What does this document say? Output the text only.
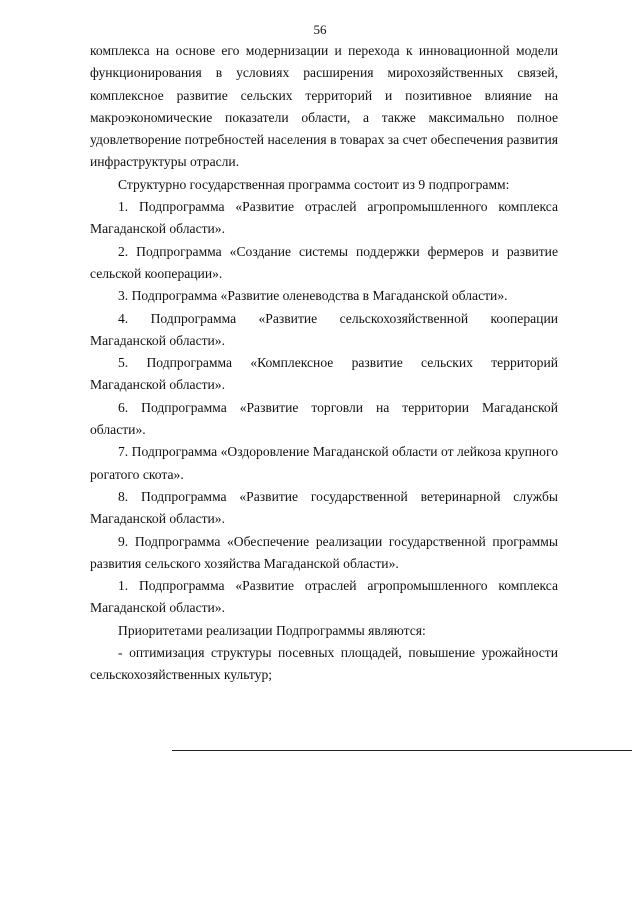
56

комплекса на основе его модернизации и перехода к инновационной модели функционирования в условиях расширения мирохозяйственных связей, комплексное развитие сельских территорий и позитивное влияние на макроэкономические показатели области, а также максимально полное удовлетворение потребностей населения в товарах за счет обеспечения развития инфраструктуры отрасли.

Структурно государственная программа состоит из 9 подпрограмм:

1. Подпрограмма «Развитие отраслей агропромышленного комплекса Магаданской области».

2. Подпрограмма «Создание системы поддержки фермеров и развитие сельской кооперации».

3. Подпрограмма «Развитие оленеводства в Магаданской области».

4. Подпрограмма «Развитие сельскохозяйственной кооперации Магаданской области».

5. Подпрограмма «Комплексное развитие сельских территорий Магаданской области».

6. Подпрограмма «Развитие торговли на территории Магаданской области».

7. Подпрограмма «Оздоровление Магаданской области от лейкоза крупного рогатого скота».

8. Подпрограмма «Развитие государственной ветеринарной службы Магаданской области».

9. Подпрограмма «Обеспечение реализации государственной программы развития сельского хозяйства Магаданской области».

1. Подпрограмма «Развитие отраслей агропромышленного комплекса Магаданской области».

Приоритетами реализации Подпрограммы являются:

- оптимизация структуры посевных площадей, повышение урожайности сельскохозяйственных культур;
